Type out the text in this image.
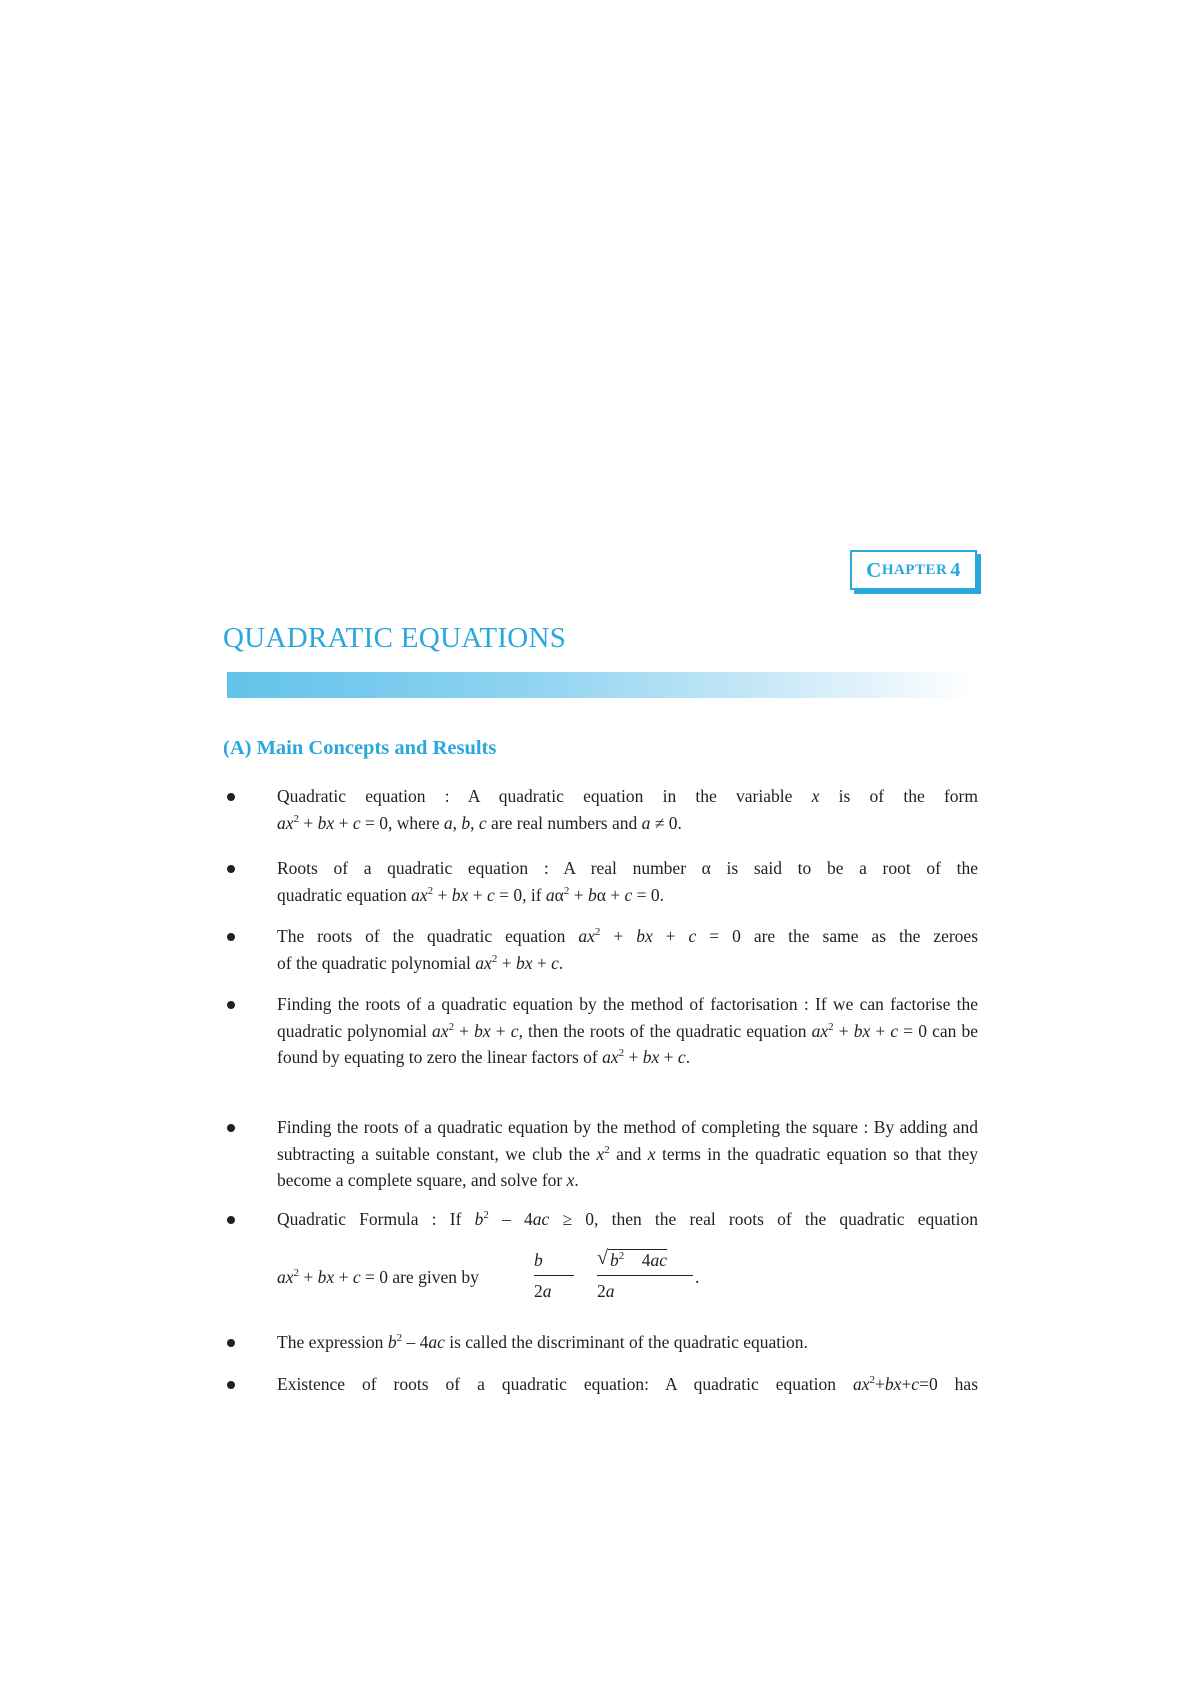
C HAPTER 4
QUADRATIC EQUATIONS
(A) Main Concepts and Results
Quadratic equation : A quadratic equation in the variable x is of the form
$ax^2$ + bx + c = 0, where a, b, c are real numbers and a ≠ 0.
Roots of a quadratic equation : A real number α is said to be a root of the
quadratic equation $ax^2$ + bx + c = 0, if $a\alpha^2 + b\alpha + c = 0$.
The roots of the quadratic equation $ax^2$ + bx + c = 0 are the same as the zeroes
of the quadratic polynomial $ax^2$ + bx + c.
Finding the roots of a quadratic equation by the method of factorisation : If we can factorise the quadratic polynomial $ax^2$ + bx + c, then the roots of the quadratic equation $ax^2$ + bx + c = 0 can be found by equating to zero the linear factors of $ax^2$ + bx + c.
Finding the roots of a quadratic equation by the method of completing the square : By adding and subtracting a suitable constant, we club the $x^2$ and x terms in the quadratic equation so that they become a complete square, and solve for x.
Quadratic Formula : If $b^2 - 4ac \ge 0$, then the real roots of the quadratic equation
$ax^2$ + bx + c = 0 are given by
b
2a
√ $b^2$    4ac
2a
.
The expression $b^2 - 4ac$ is called the discriminant of the quadratic equation.
Existence of roots of a quadratic equation: A quadratic equation $ax^2+bx+c=0$ has
